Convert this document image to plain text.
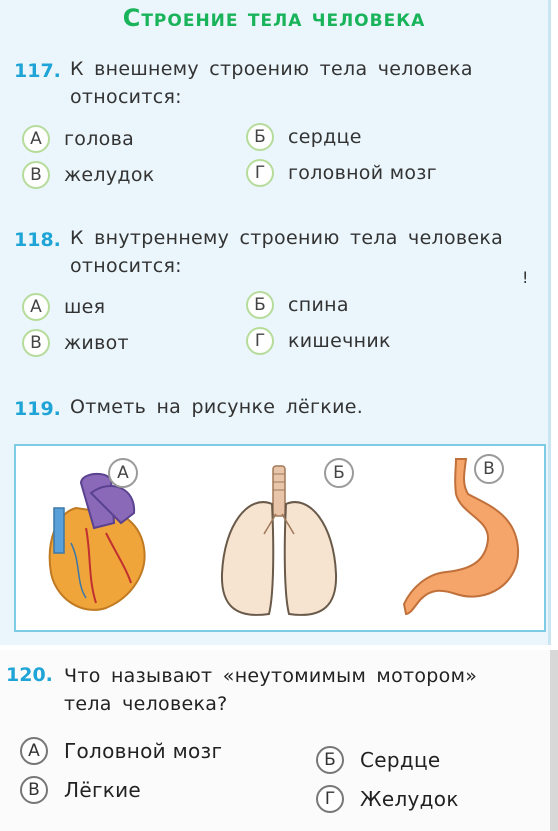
Строение тела человека
117. К внешнему строению тела человека
относится:
А	голова	Б	сердце
В	желудок	Г	головной мозг
118. К внутреннему строению тела человека
относится:
!
А	шея	Б	спина
В	живот	Г	кишечник
119. Отметь на рисунке лёгкие.
А	Б	В
120. Что называют «неутомимым мотором»
тела человека?
А	Головной мозг	Б	Сердце
В	Лёгкие	Г	Желудок
